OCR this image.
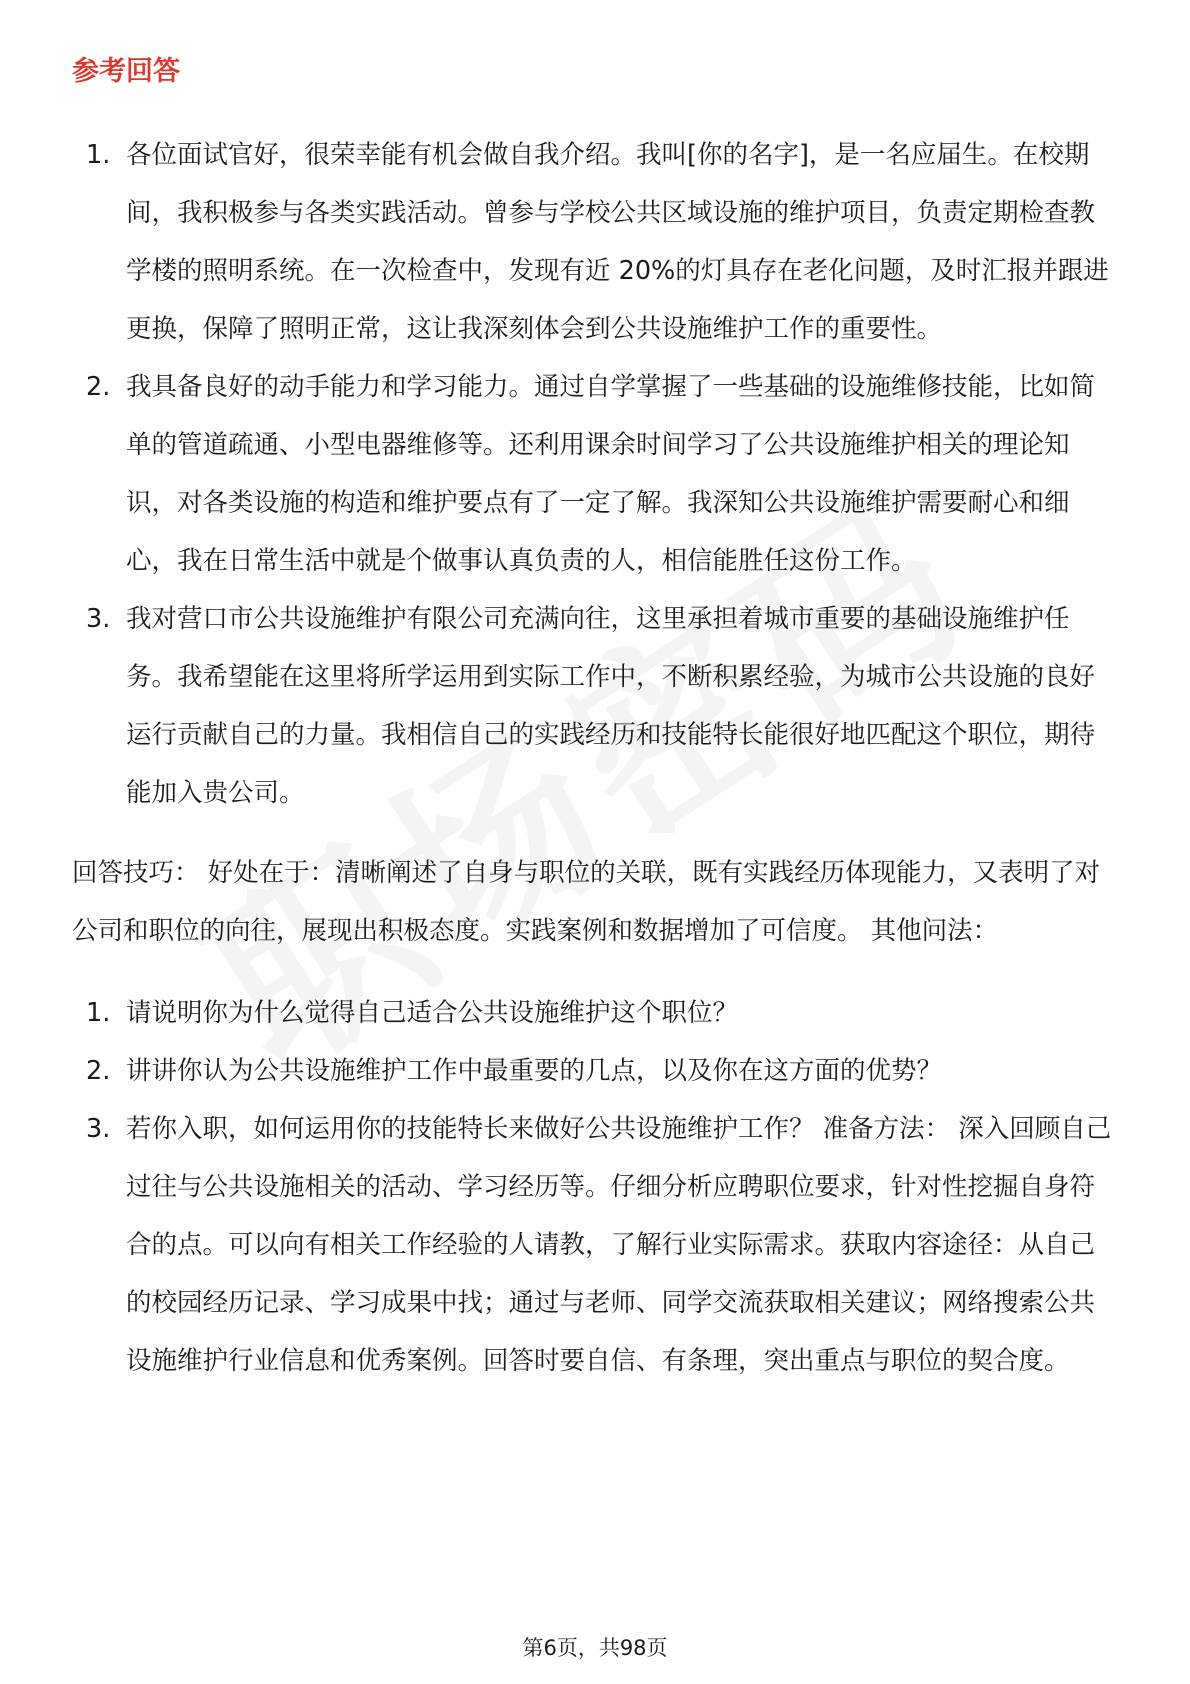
参考回答
1. 各位面试官好，很荣幸能有机会做自我介绍。我叫[你的名字]，是一名应届生。在校期间，我积极参与各类实践活动。曾参与学校公共区域设施的维护项目，负责定期检查教学楼的照明系统。在一次检查中，发现有近 20%的灯具存在老化问题，及时汇报并跟进更换，保障了照明正常，这让我深刻体会到公共设施维护工作的重要性。
2. 我具备良好的动手能力和学习能力。通过自学掌握了一些基础的设施维修技能，比如简单的管道疏通、小型电器维修等。还利用课余时间学习了公共设施维护相关的理论知识，对各类设施的构造和维护要点有了一定了解。我深知公共设施维护需要耐心和细心，我在日常生活中就是个做事认真负责的人，相信能胜任这份工作。
3. 我对营口市公共设施维护有限公司充满向往，这里承担着城市重要的基础设施维护任务。我希望能在这里将所学运用到实际工作中，不断积累经验，为城市公共设施的良好运行贡献自己的力量。我相信自己的实践经历和技能特长能很好地匹配这个职位，期待能加入贵公司。

回答技巧： 好处在于：清晰阐述了自身与职位的关联，既有实践经历体现能力，又表明了对公司和职位的向往，展现出积极态度。实践案例和数据增加了可信度。 其他问法：

1. 请说明你为什么觉得自己适合公共设施维护这个职位？
2. 讲讲你认为公共设施维护工作中最重要的几点，以及你在这方面的优势？
3. 若你入职，如何运用你的技能特长来做好公共设施维护工作？ 准备方法： 深入回顾自己过往与公共设施相关的活动、学习经历等。仔细分析应聘职位要求，针对性挖掘自身符合的点。可以向有相关工作经验的人请教，了解行业实际需求。获取内容途径：从自己的校园经历记录、学习成果中找；通过与老师、同学交流获取相关建议；网络搜索公共设施维护行业信息和优秀案例。回答时要自信、有条理，突出重点与职位的契合度。
第6页，共98页
